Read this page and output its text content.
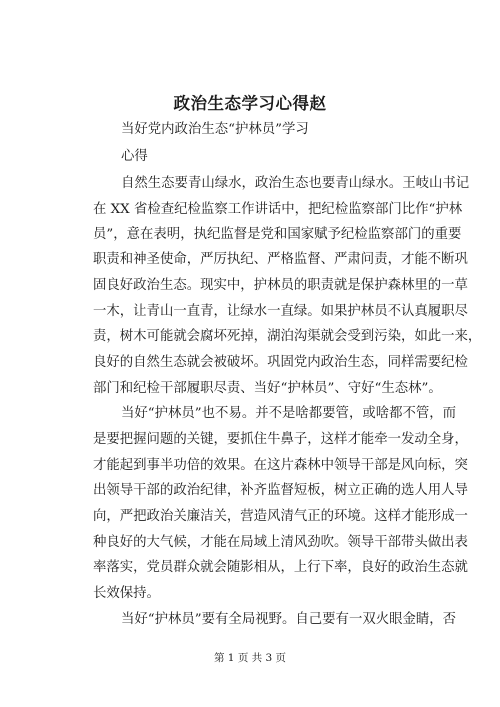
政治生态学习心得赵

当好党内政治生态“护林员”学习

心得

自然生态要青山绿水，政治生态也要青山绿水。王岐山书记

在 XX 省检查纪检监察工作讲话中，把纪检监察部门比作“护林

员”，意在表明，执纪监督是党和国家赋予纪检监察部门的重要

职责和神圣使命，严厉执纪、严格监督、严肃问责，才能不断巩

固良好政治生态。现实中，护林员的职责就是保护森林里的一草

一木，让青山一直青，让绿水一直绿。如果护林员不认真履职尽

责，树木可能就会腐坏死掉，湖泊沟渠就会受到污染，如此一来，

良好的自然生态就会被破坏。巩固党内政治生态，同样需要纪检

部门和纪检干部履职尽责、当好“护林员”、守好“生态林”。

当好“护林员”也不易。并不是啥都要管，或啥都不管，而

是要把握问题的关键，要抓住牛鼻子，这样才能牵一发动全身，

才能起到事半功倍的效果。在这片森林中领导干部是风向标，突

出领导干部的政治纪律，补齐监督短板，树立正确的选人用人导

向，严把政治关廉洁关，营造风清气正的环境。这样才能形成一

种良好的大气候，才能在局域上清风劲吹。领导干部带头做出表

率落实，党员群众就会随影相从，上行下率，良好的政治生态就

长效保持。

当好“护林员”要有全局视野。自己要有一双火眼金睛，否

第 1 页 共 3 页
